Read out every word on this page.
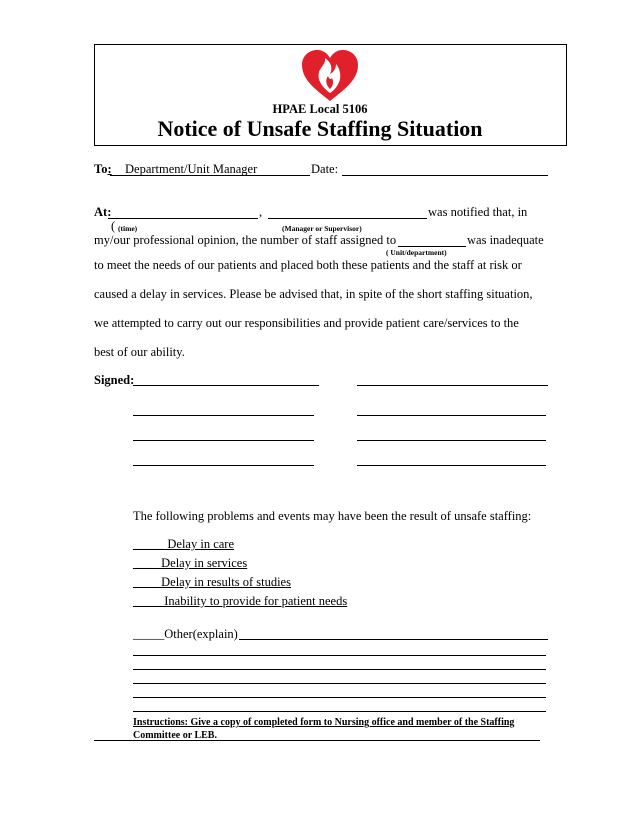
HPAE Local 5106
Notice of Unsafe Staffing Situation
To: Department/Unit Manager	Date:
At:	,	was notified that, in
( (time)	(Manager or Supervisor)
my/our professional opinion, the number of staff assigned to	was inadequate
( Unit/department)
to meet the needs of our patients and placed both these patients and the staff at risk or
caused a delay in services. Please be advised that, in spite of the short staffing situation,
we attempted to carry out our responsibilities and provide patient care/services to the
best of our ability.
Signed:
The following problems and events may have been the result of unsafe staffing:
_____ Delay in care
____ Delay in services
____ Delay in results of studies
_____Inability to provide for patient needs
_____Other(explain)
Instructions: Give a copy of completed form to Nursing office and member of the Staffing
Committee or LEB.
